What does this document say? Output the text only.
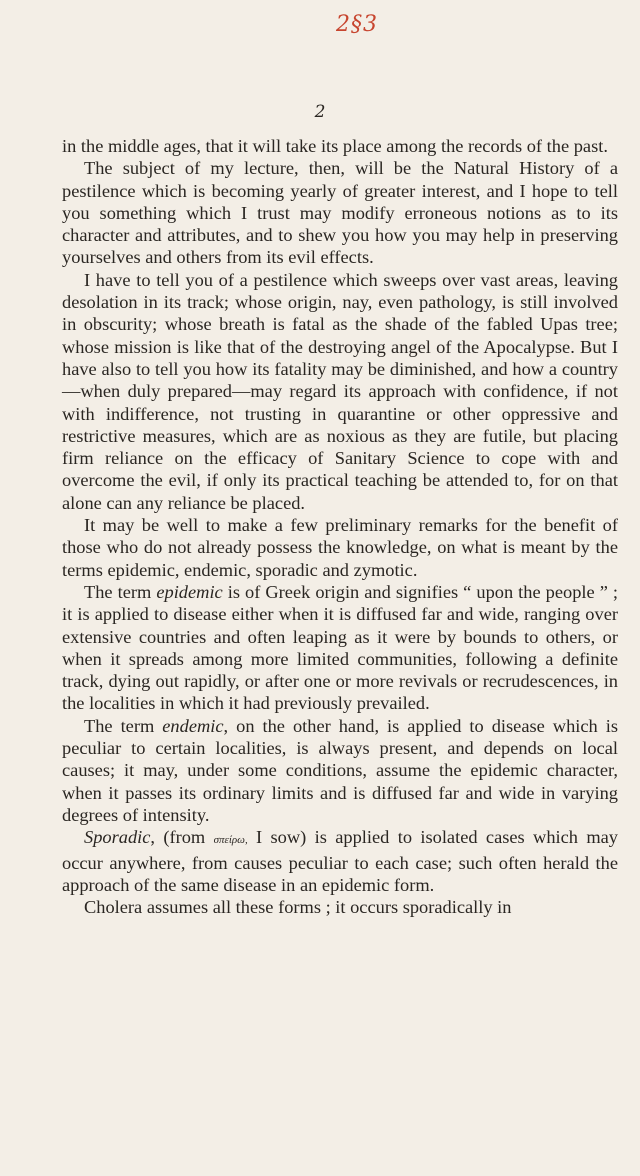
2§3
2

in the middle ages, that it will take its place among the records of the past.

The subject of my lecture, then, will be the Natural History of a pestilence which is becoming yearly of greater interest, and I hope to tell you something which I trust may modify erroneous notions as to its character and attributes, and to shew you how you may help in preserving yourselves and others from its evil effects.

I have to tell you of a pestilence which sweeps over vast areas, leaving desolation in its track; whose origin, nay, even pathology, is still involved in obscurity; whose breath is fatal as the shade of the fabled Upas tree; whose mission is like that of the destroying angel of the Apocalypse. But I have also to tell you how its fatality may be diminished, and how a country—when duly prepared—may regard its approach with confidence, if not with indifference, not trusting in quarantine or other oppressive and restrictive measures, which are as noxious as they are futile, but placing firm reliance on the efficacy of Sanitary Science to cope with and overcome the evil, if only its practical teaching be attended to, for on that alone can any reliance be placed.

It may be well to make a few preliminary remarks for the benefit of those who do not already possess the knowledge, on what is meant by the terms epidemic, endemic, sporadic and zymotic.

The term epidemic is of Greek origin and signifies “ upon the people ” ; it is applied to disease either when it is diffused far and wide, ranging over extensive countries and often leaping as it were by bounds to others, or when it spreads among more limited communities, following a definite track, dying out rapidly, or after one or more revivals or recrudescences, in the localities in which it had previously prevailed.

The term endemic, on the other hand, is applied to disease which is peculiar to certain localities, is always present, and depends on local causes; it may, under some conditions, assume the epidemic character, when it passes its ordinary limits and is diffused far and wide in varying degrees of intensity.

Sporadic, (from σπείρω, I sow) is applied to isolated cases which may occur anywhere, from causes peculiar to each case; such often herald the approach of the same disease in an epidemic form.

Cholera assumes all these forms ; it occurs sporadically in
